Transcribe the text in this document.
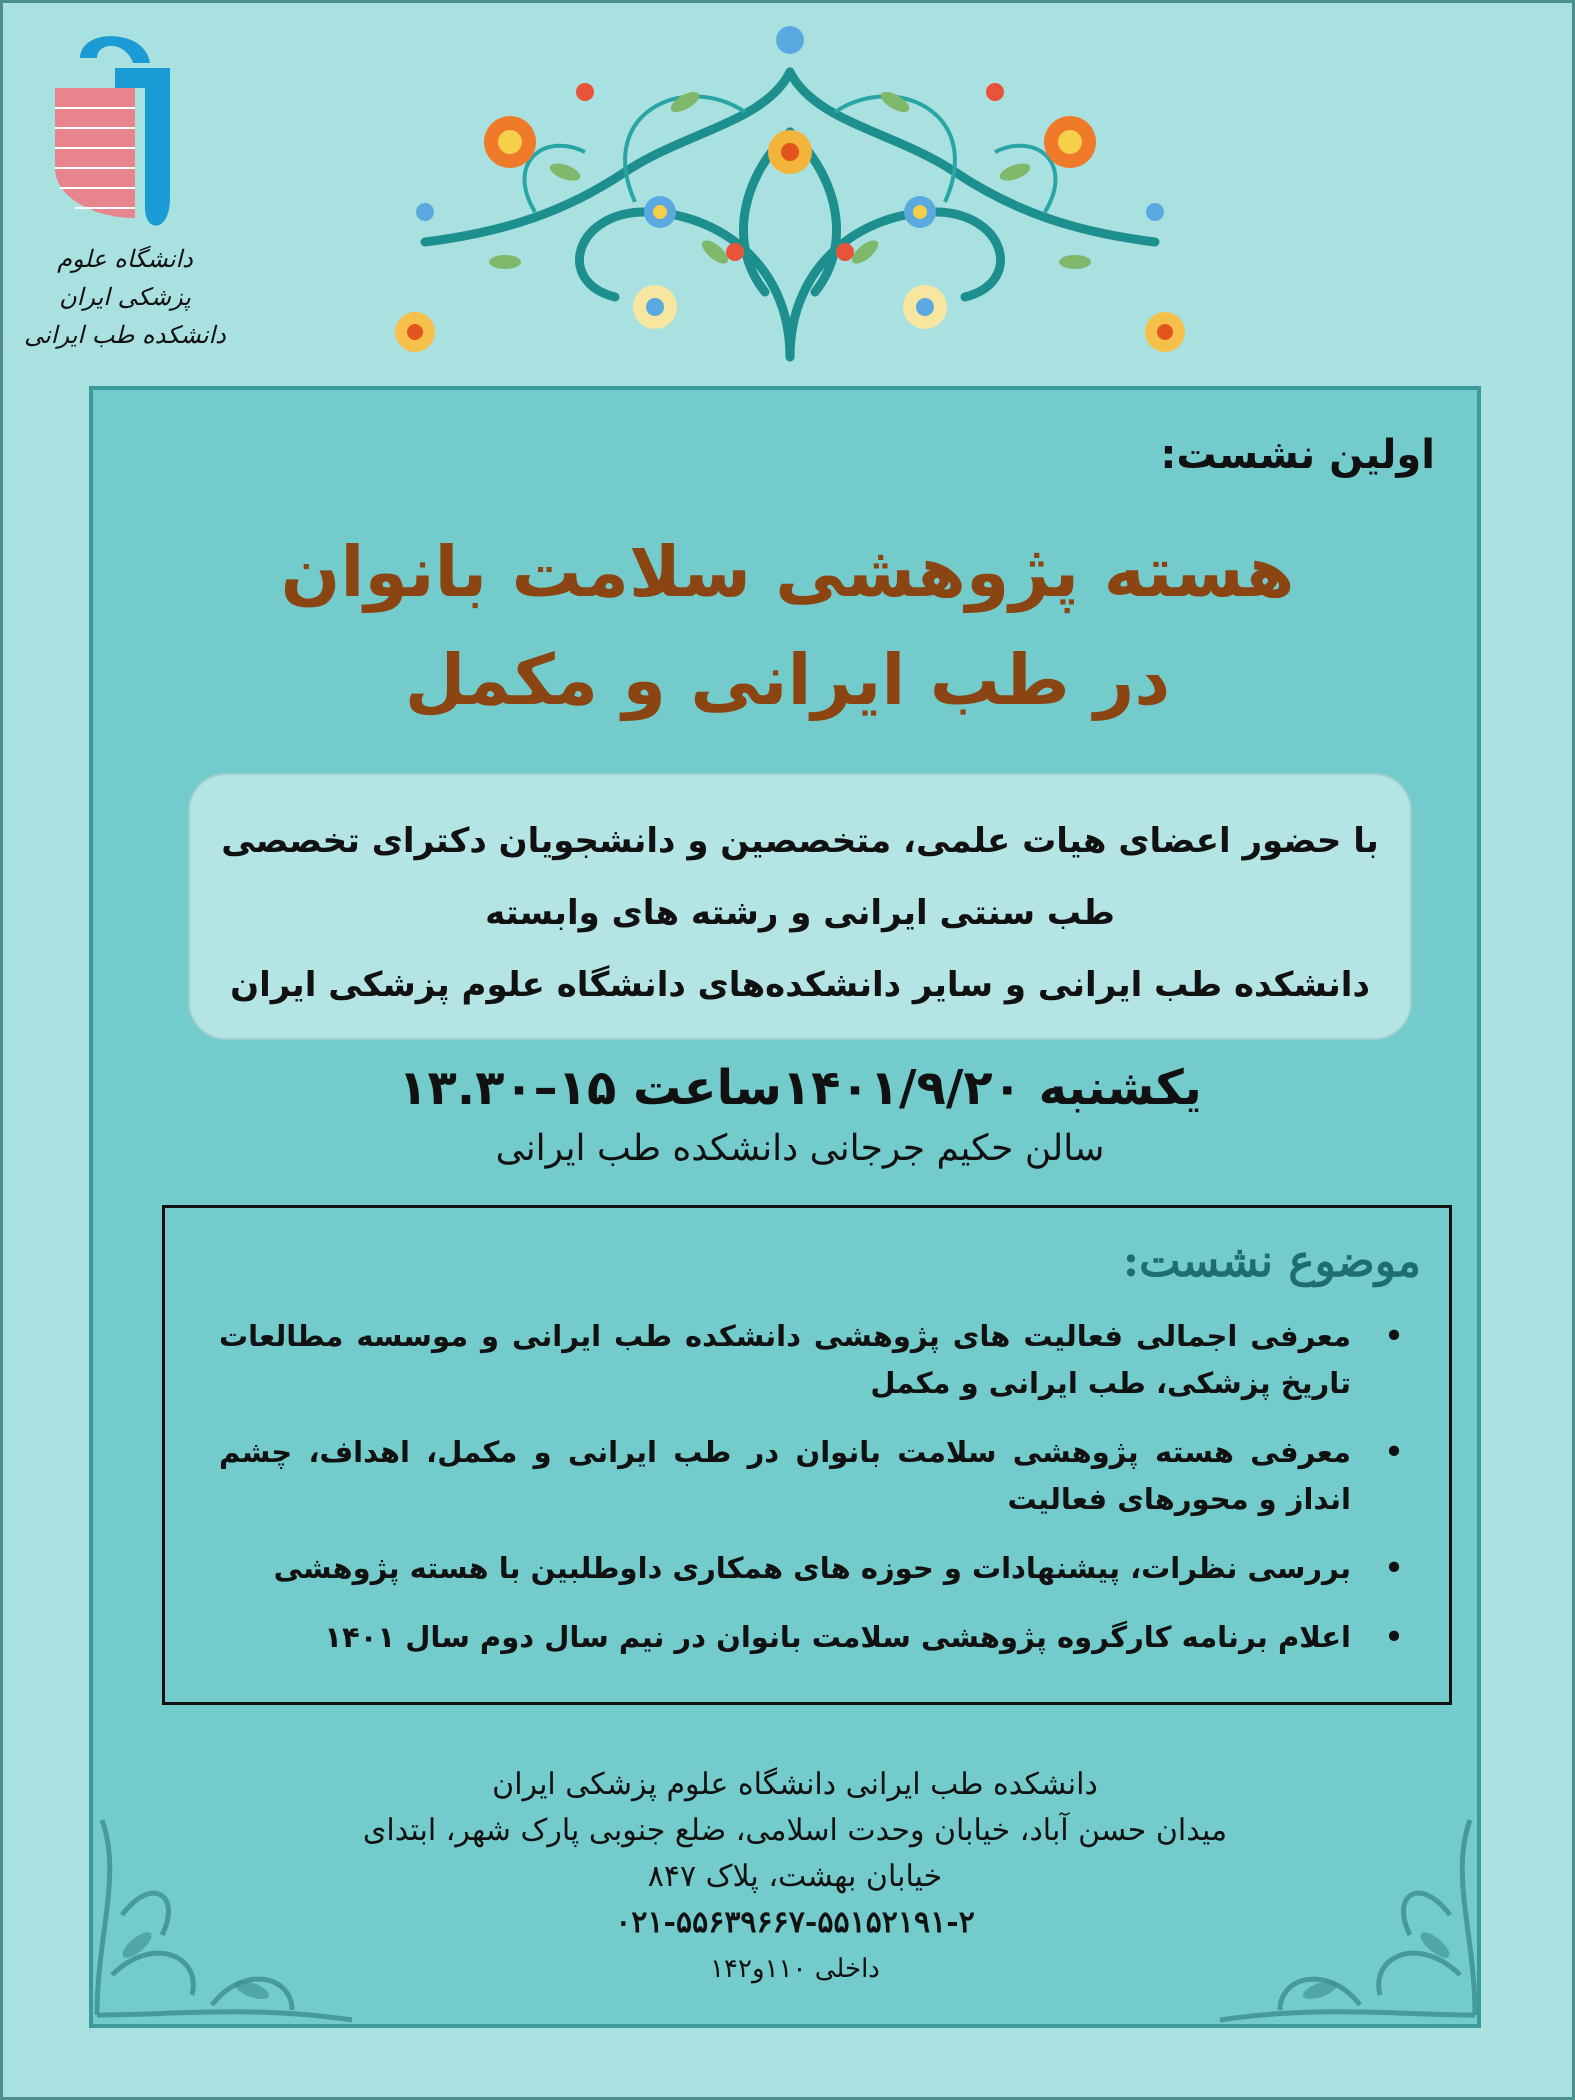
دانشگاه علوم پزشکی ایران
دانشکده طب ایرانی
اولین نشست:
هسته پژوهشی سلامت بانوان
در طب ایرانی و مکمل
با حضور اعضای هیات علمی، متخصصین و دانشجویان دکترای تخصصی
طب سنتی ایرانی و رشته های وابسته
دانشکده طب ایرانی و سایر دانشکده‌های دانشگاه علوم پزشکی ایران
یکشنبه ۱۴۰۱/۹/۲۰ساعت ۱۵–۱۳.۳۰
سالن حکیم جرجانی دانشکده طب ایرانی
موضوع نشست:
•
معرفی اجمالی فعالیت های پژوهشی دانشکده طب ایرانی و موسسه مطالعات تاریخ پزشکی، طب ایرانی و مکمل
•
معرفی هسته پژوهشی سلامت بانوان در طب ایرانی و مکمل، اهداف، چشم انداز و محورهای فعالیت
•
بررسی نظرات، پیشنهادات و حوزه های همکاری داوطلبین با هسته پژوهشی
•
اعلام برنامه کارگروه پژوهشی سلامت بانوان در نیم سال دوم سال ۱۴۰۱
دانشکده طب ایرانی دانشگاه علوم پزشکی ایران
میدان حسن آباد، خیابان وحدت اسلامی، ضلع جنوبی پارک شهر، ابتدای
خیابان بهشت، پلاک ۸۴۷
۰۲۱-۵۵۶۳۹۶۶۷-۵۵۱۵۲۱۹۱-۲
داخلی ۱۱۰و۱۴۲
